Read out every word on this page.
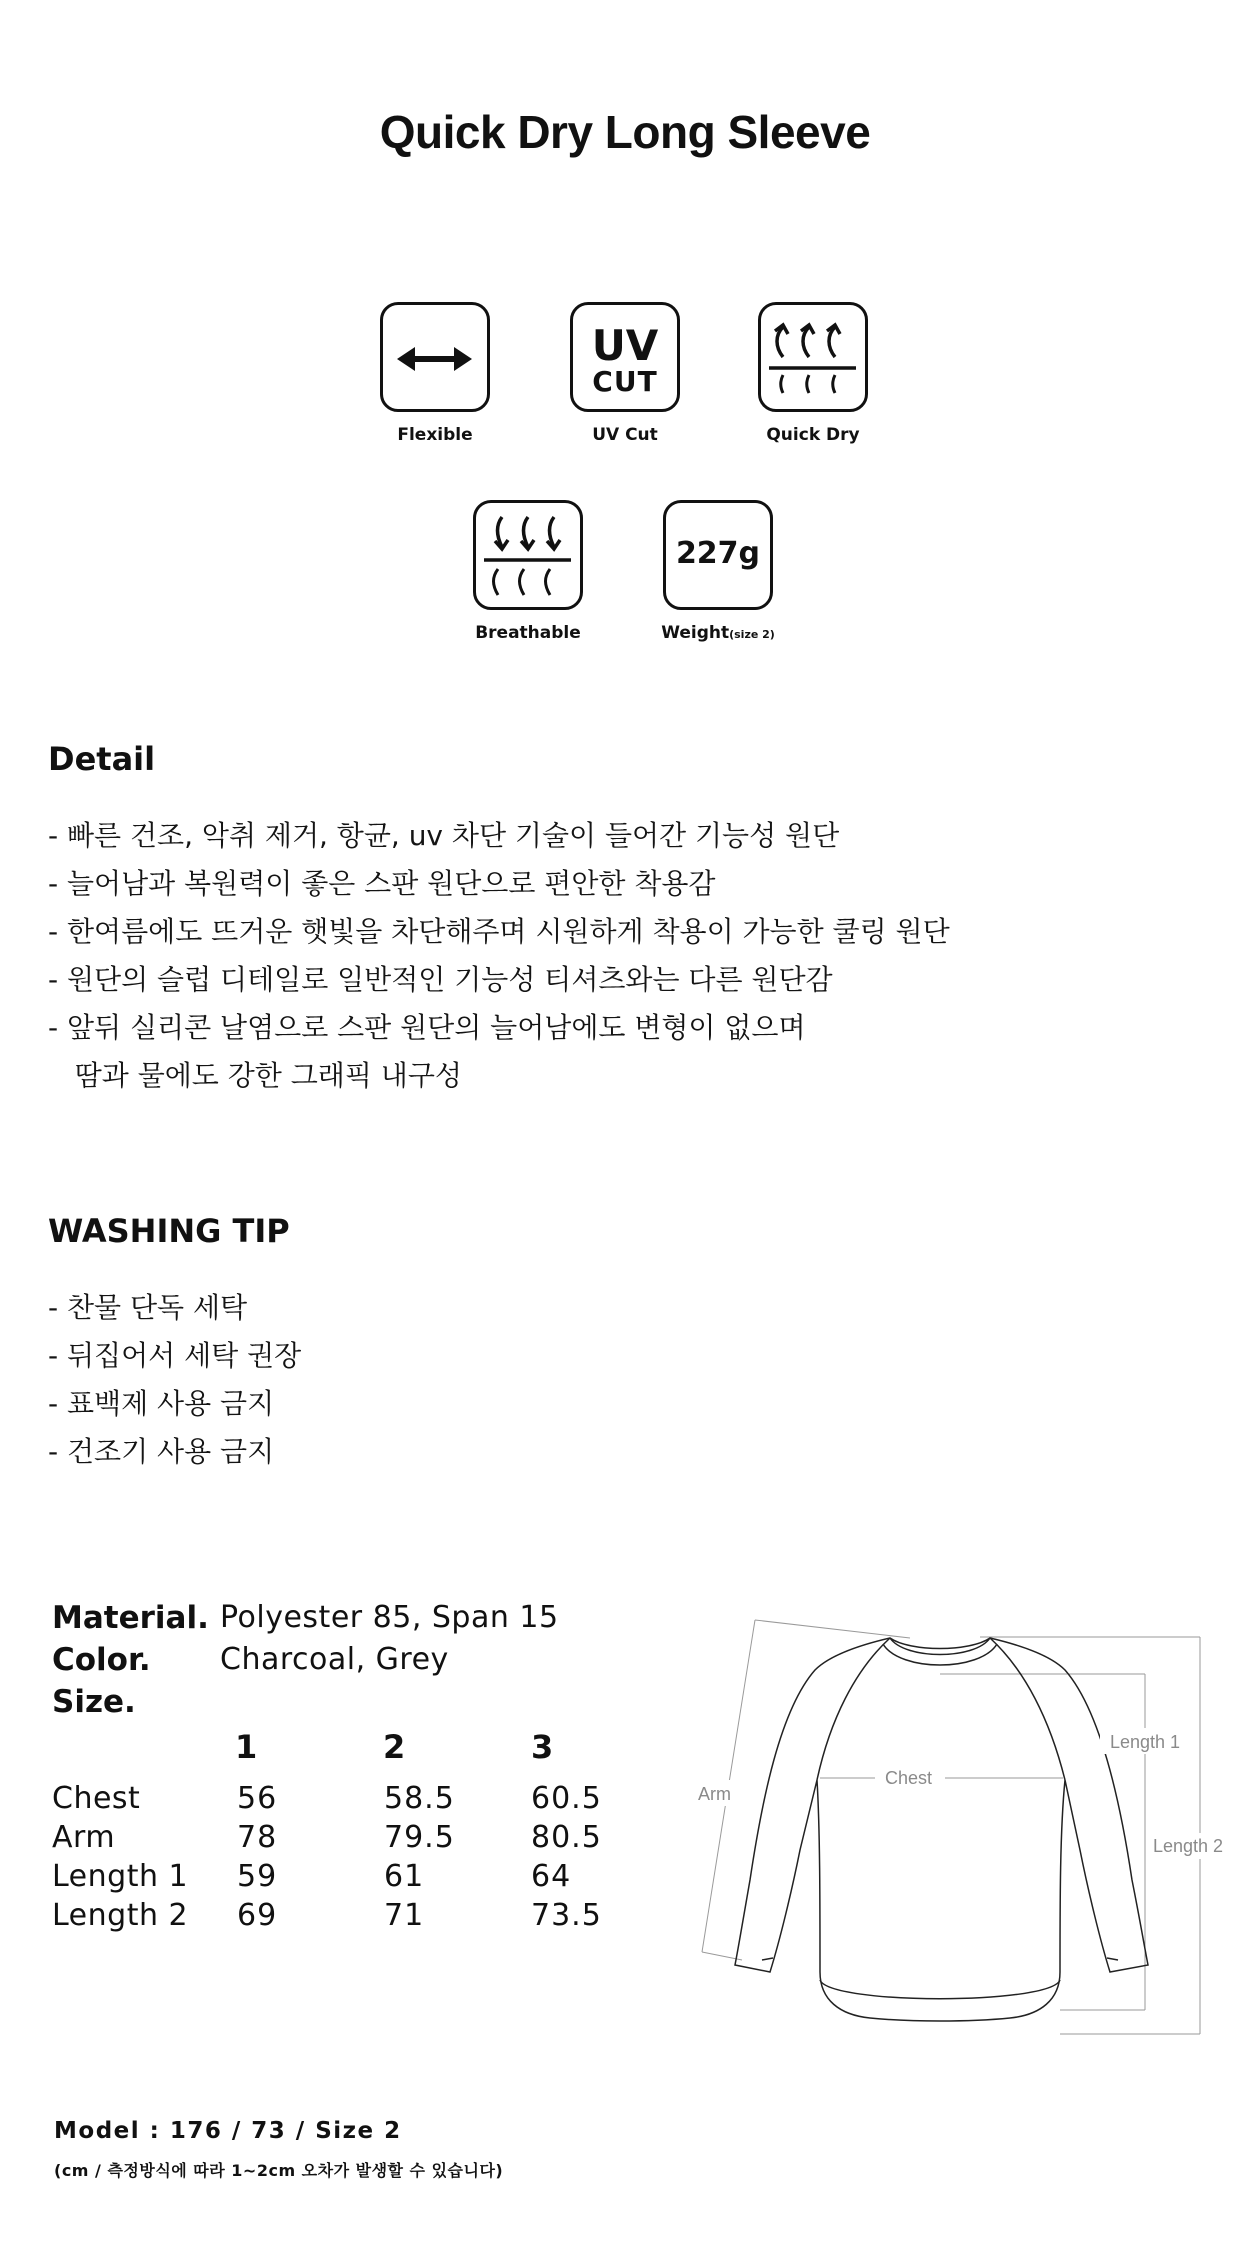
Quick Dry Long Sleeve
Flexible
UV
CUT
UV Cut	Quick Dry
Breathable
227g
Weight(size 2)
Detail
- 빠른 건조, 악취 제거, 항균, uv 차단 기술이 들어간 기능성 원단
- 늘어남과 복원력이 좋은 스판 원단으로 편안한 착용감
- 한여름에도 뜨거운 햇빛을 차단해주며 시원하게 착용이 가능한 쿨링 원단
- 원단의 슬럽 디테일로 일반적인 기능성 티셔츠와는 다른 원단감
- 앞뒤 실리콘 날염으로 스판 원단의 늘어남에도 변형이 없으며
땀과 물에도 강한 그래픽 내구성
WASHING TIP
- 찬물 단독 세탁
- 뒤집어서 세탁 권장
- 표백제 사용 금지
- 건조기 사용 금지
Material. Polyester 85, Span 15
Color. Charcoal, Grey
Size.
1	2	3
Chest	56	58.5	60.5
Arm	78	79.5	80.5
Length 1 59	61	64
Length 2 69	71	73.5
Arm
Chest
Length 1
Length 2
Model : 176 / 73 / Size 2
(cm / 측정방식에 따라 1~2cm 오차가 발생할 수 있습니다)
